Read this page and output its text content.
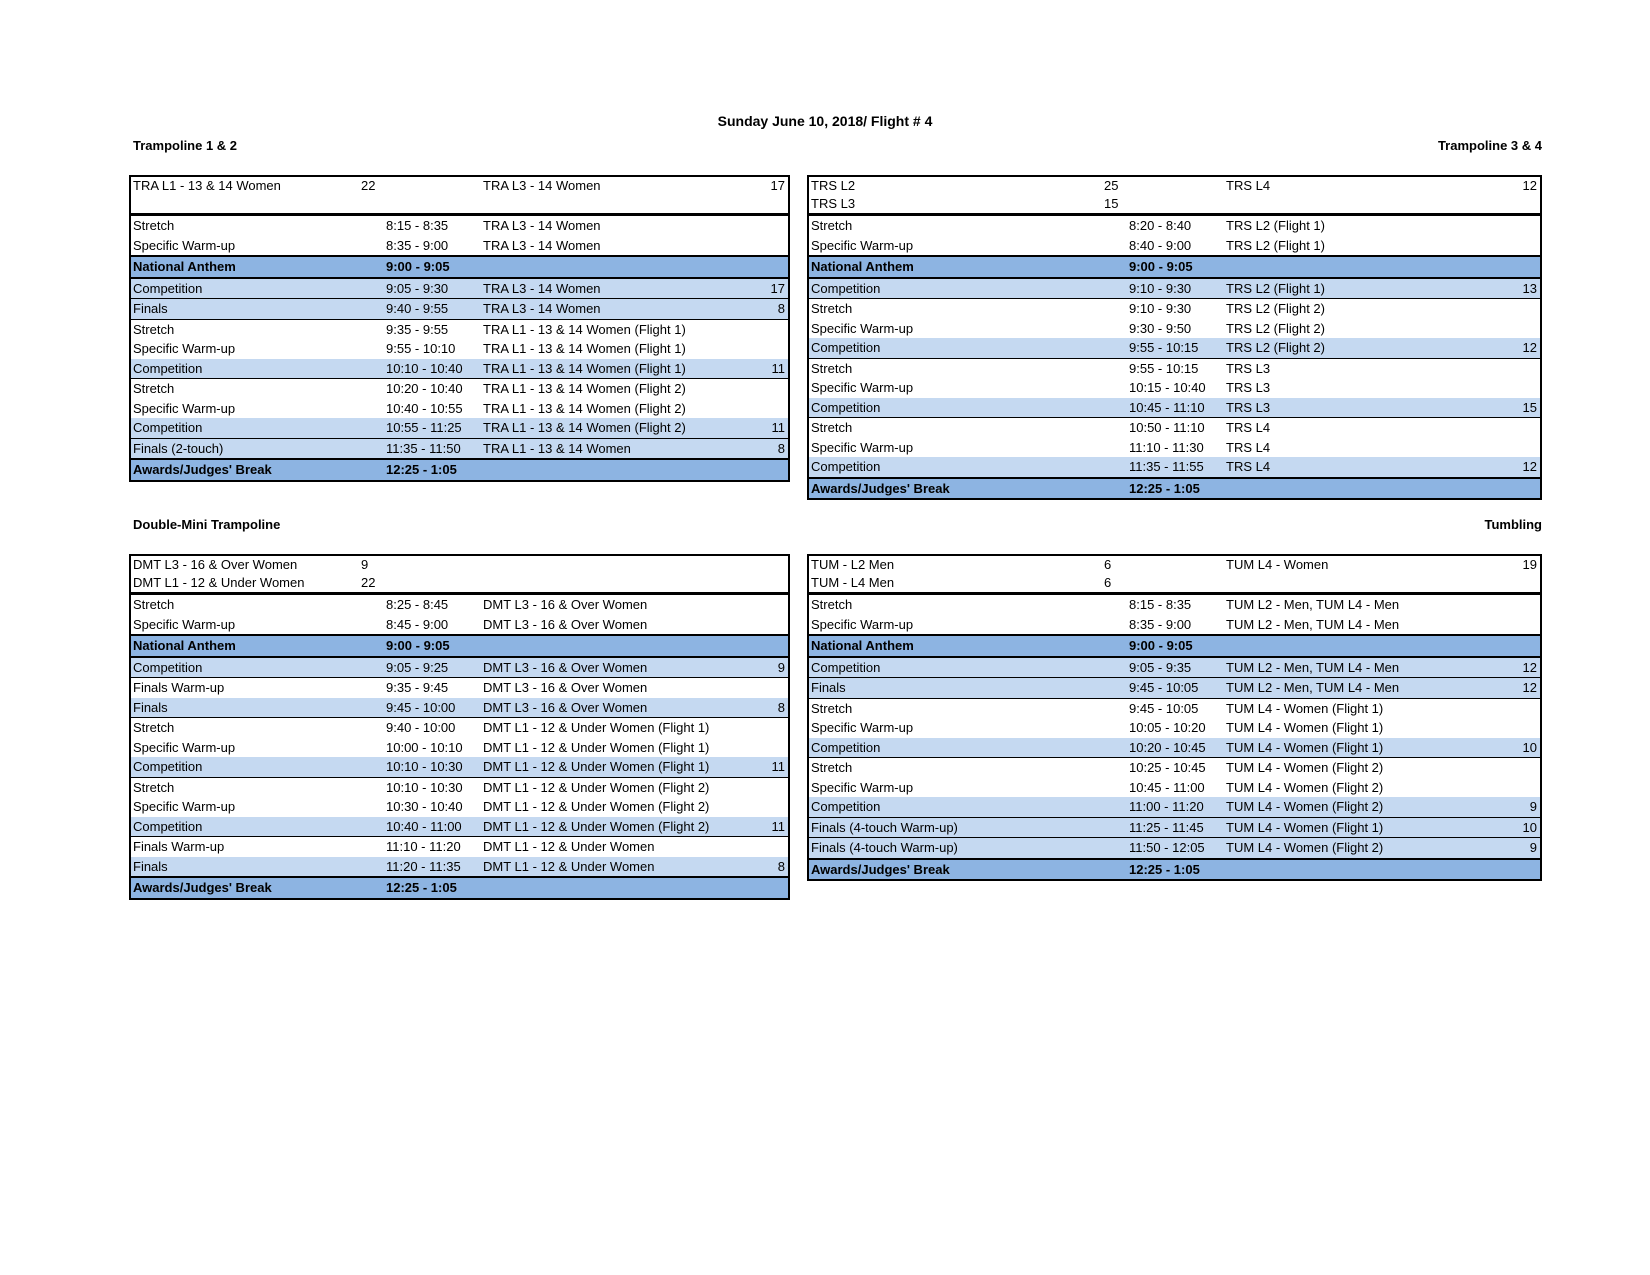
Sunday June 10, 2018/ Flight # 4
Trampoline 1 & 2	Trampoline 3 & 4
Double-Mini Trampoline	Tumbling
TRA L1 - 13 & 14 Women	22	TRA L3 - 14 Women	17
Stretch	8:15 - 8:35	TRA L3 - 14 Women
Specific Warm-up	8:35 - 9:00	TRA L3 - 14 Women
National Anthem	9:00 - 9:05
Competition	9:05 - 9:30	TRA L3 - 14 Women	17
Finals	9:40 - 9:55	TRA L3 - 14 Women	8
Stretch	9:35 - 9:55	TRA L1 - 13 & 14 Women (Flight 1)
Specific Warm-up	9:55 - 10:10 TRA L1 - 13 & 14 Women (Flight 1)
Competition	10:10 - 10:40 TRA L1 - 13 & 14 Women (Flight 1)	11
Stretch	10:20 - 10:40 TRA L1 - 13 & 14 Women (Flight 2)
Specific Warm-up	10:40 - 10:55 TRA L1 - 13 & 14 Women (Flight 2)
Competition	10:55 - 11:25 TRA L1 - 13 & 14 Women (Flight 2)	11
Finals (2-touch)	11:35 - 11:50 TRA L1 - 13 & 14 Women	8
Awards/Judges' Break	12:25 - 1:05
TRS L2	25	TRS L4	12
TRS L3	15
Stretch	8:20 - 8:40	TRS L2 (Flight 1)
Specific Warm-up	8:40 - 9:00	TRS L2 (Flight 1)
National Anthem	9:00 - 9:05
Competition	9:10 - 9:30	TRS L2 (Flight 1)	13
Stretch	9:10 - 9:30	TRS L2 (Flight 2)
Specific Warm-up	9:30 - 9:50	TRS L2 (Flight 2)
Competition	9:55 - 10:15 TRS L2 (Flight 2)	12
Stretch	9:55 - 10:15 TRS L3
Specific Warm-up	10:15 - 10:40 TRS L3
Competition	10:45 - 11:10 TRS L3	15
Stretch	10:50 - 11:10 TRS L4
Specific Warm-up	11:10 - 11:30 TRS L4
Competition	11:35 - 11:55 TRS L4	12
Awards/Judges' Break	12:25 - 1:05
DMT L3 - 16 & Over Women	9
DMT L1 - 12 & Under Women	22
Stretch	8:25 - 8:45	DMT L3 - 16 & Over Women
Specific Warm-up	8:45 - 9:00	DMT L3 - 16 & Over Women
National Anthem	9:00 - 9:05
Competition	9:05 - 9:25	DMT L3 - 16 & Over Women	9
Finals Warm-up	9:35 - 9:45	DMT L3 - 16 & Over Women
Finals	9:45 - 10:00 DMT L3 - 16 & Over Women	8
Stretch	9:40 - 10:00 DMT L1 - 12 & Under Women (Flight 1)
Specific Warm-up	10:00 - 10:10 DMT L1 - 12 & Under Women (Flight 1)
Competition	10:10 - 10:30 DMT L1 - 12 & Under Women (Flight 1)	11
Stretch	10:10 - 10:30 DMT L1 - 12 & Under Women (Flight 2)
Specific Warm-up	10:30 - 10:40 DMT L1 - 12 & Under Women (Flight 2)
Competition	10:40 - 11:00 DMT L1 - 12 & Under Women (Flight 2)	11
Finals Warm-up	11:10 - 11:20 DMT L1 - 12 & Under Women
Finals	11:20 - 11:35 DMT L1 - 12 & Under Women	8
Awards/Judges' Break	12:25 - 1:05
TUM - L2 Men	6	TUM L4 - Women	19
TUM - L4 Men	6
Stretch	8:15 - 8:35	TUM L2 - Men, TUM L4 - Men
Specific Warm-up	8:35 - 9:00	TUM L2 - Men, TUM L4 - Men
National Anthem	9:00 - 9:05
Competition	9:05 - 9:35	TUM L2 - Men, TUM L4 - Men	12
Finals	9:45 - 10:05 TUM L2 - Men, TUM L4 - Men	12
Stretch	9:45 - 10:05 TUM L4 - Women (Flight 1)
Specific Warm-up	10:05 - 10:20 TUM L4 - Women (Flight 1)
Competition	10:20 - 10:45 TUM L4 - Women (Flight 1)	10
Stretch	10:25 - 10:45 TUM L4 - Women (Flight 2)
Specific Warm-up	10:45 - 11:00 TUM L4 - Women (Flight 2)
Competition	11:00 - 11:20 TUM L4 - Women (Flight 2)	9
Finals (4-touch Warm-up)	11:25 - 11:45 TUM L4 - Women (Flight 1)	10
Finals (4-touch Warm-up)	11:50 - 12:05 TUM L4 - Women (Flight 2)	9
Awards/Judges' Break	12:25 - 1:05
